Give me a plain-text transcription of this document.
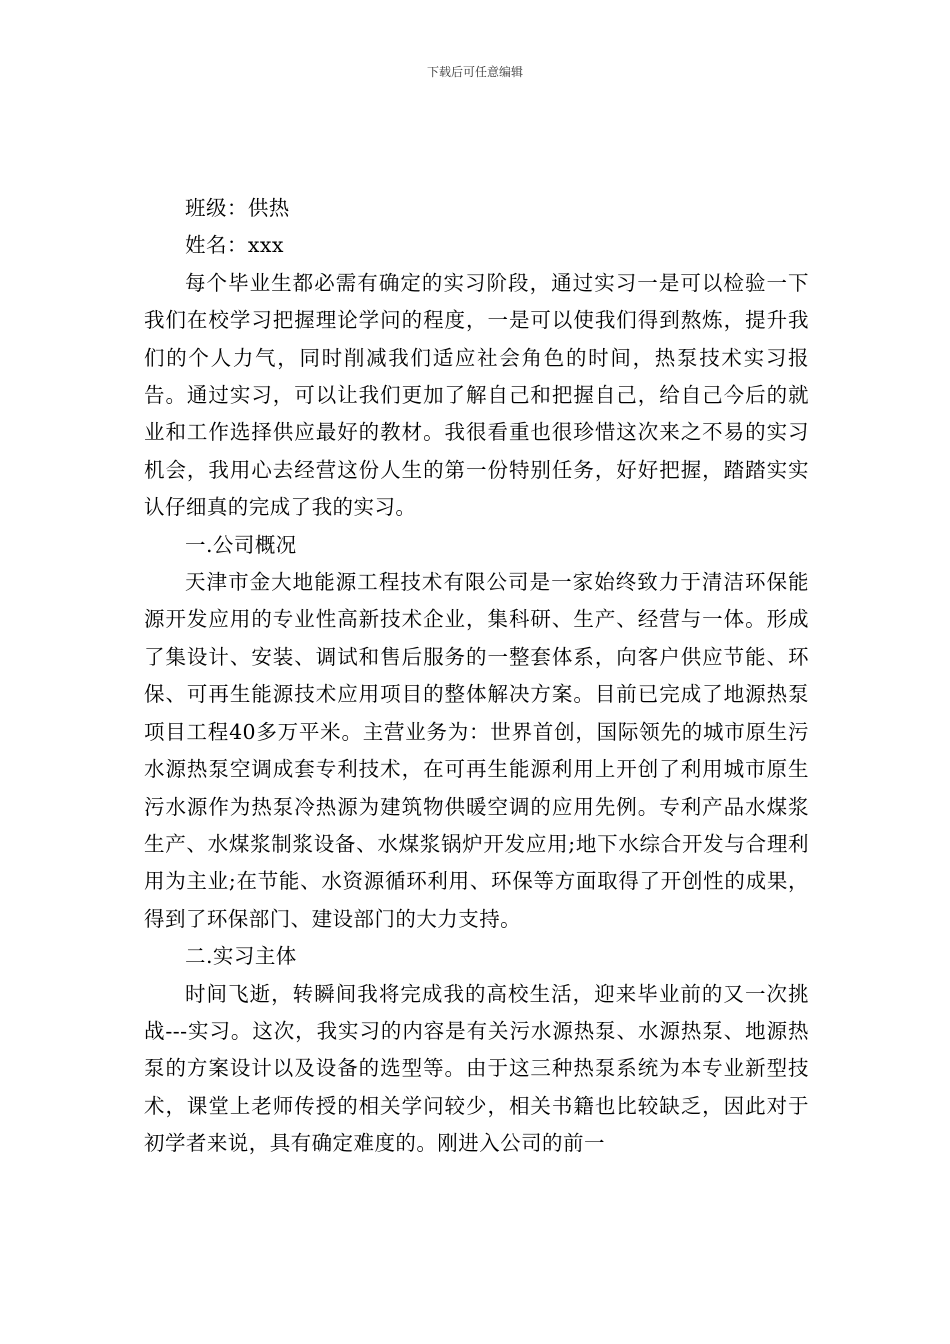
下载后可任意编辑

班级：供热

姓名：xxx

每个毕业生都必需有确定的实习阶段，通过实习一是可以检验一下我们在校学习把握理论学问的程度，一是可以使我们得到熬炼，提升我们的个人力气，同时削减我们适应社会角色的时间，热泵技术实习报告。通过实习，可以让我们更加了解自己和把握自己，给自己今后的就业和工作选择供应最好的教材。我很看重也很珍惜这次来之不易的实习机会，我用心去经营这份人生的第一份特别任务，好好把握，踏踏实实认仔细真的完成了我的实习。

一.公司概况

天津市金大地能源工程技术有限公司是一家始终致力于清洁环保能源开发应用的专业性高新技术企业，集科研、生产、经营与一体。形成了集设计、安装、调试和售后服务的一整套体系，向客户供应节能、环保、可再生能源技术应用项目的整体解决方案。目前已完成了地源热泵项目工程40多万平米。主营业务为：世界首创，国际领先的城市原生污水源热泵空调成套专利技术，在可再生能源利用上开创了利用城市原生污水源作为热泵冷热源为建筑物供暖空调的应用先例。专利产品水煤浆生产、水煤浆制浆设备、水煤浆锅炉开发应用;地下水综合开发与合理利用为主业;在节能、水资源循环利用、环保等方面取得了开创性的成果，得到了环保部门、建设部门的大力支持。

二.实习主体

时间飞逝，转瞬间我将完成我的高校生活，迎来毕业前的又一次挑战---实习。这次，我实习的内容是有关污水源热泵、水源热泵、地源热泵的方案设计以及设备的选型等。由于这三种热泵系统为本专业新型技术，课堂上老师传授的相关学问较少，相关书籍也比较缺乏，因此对于初学者来说，具有确定难度的。刚进入公司的前一
